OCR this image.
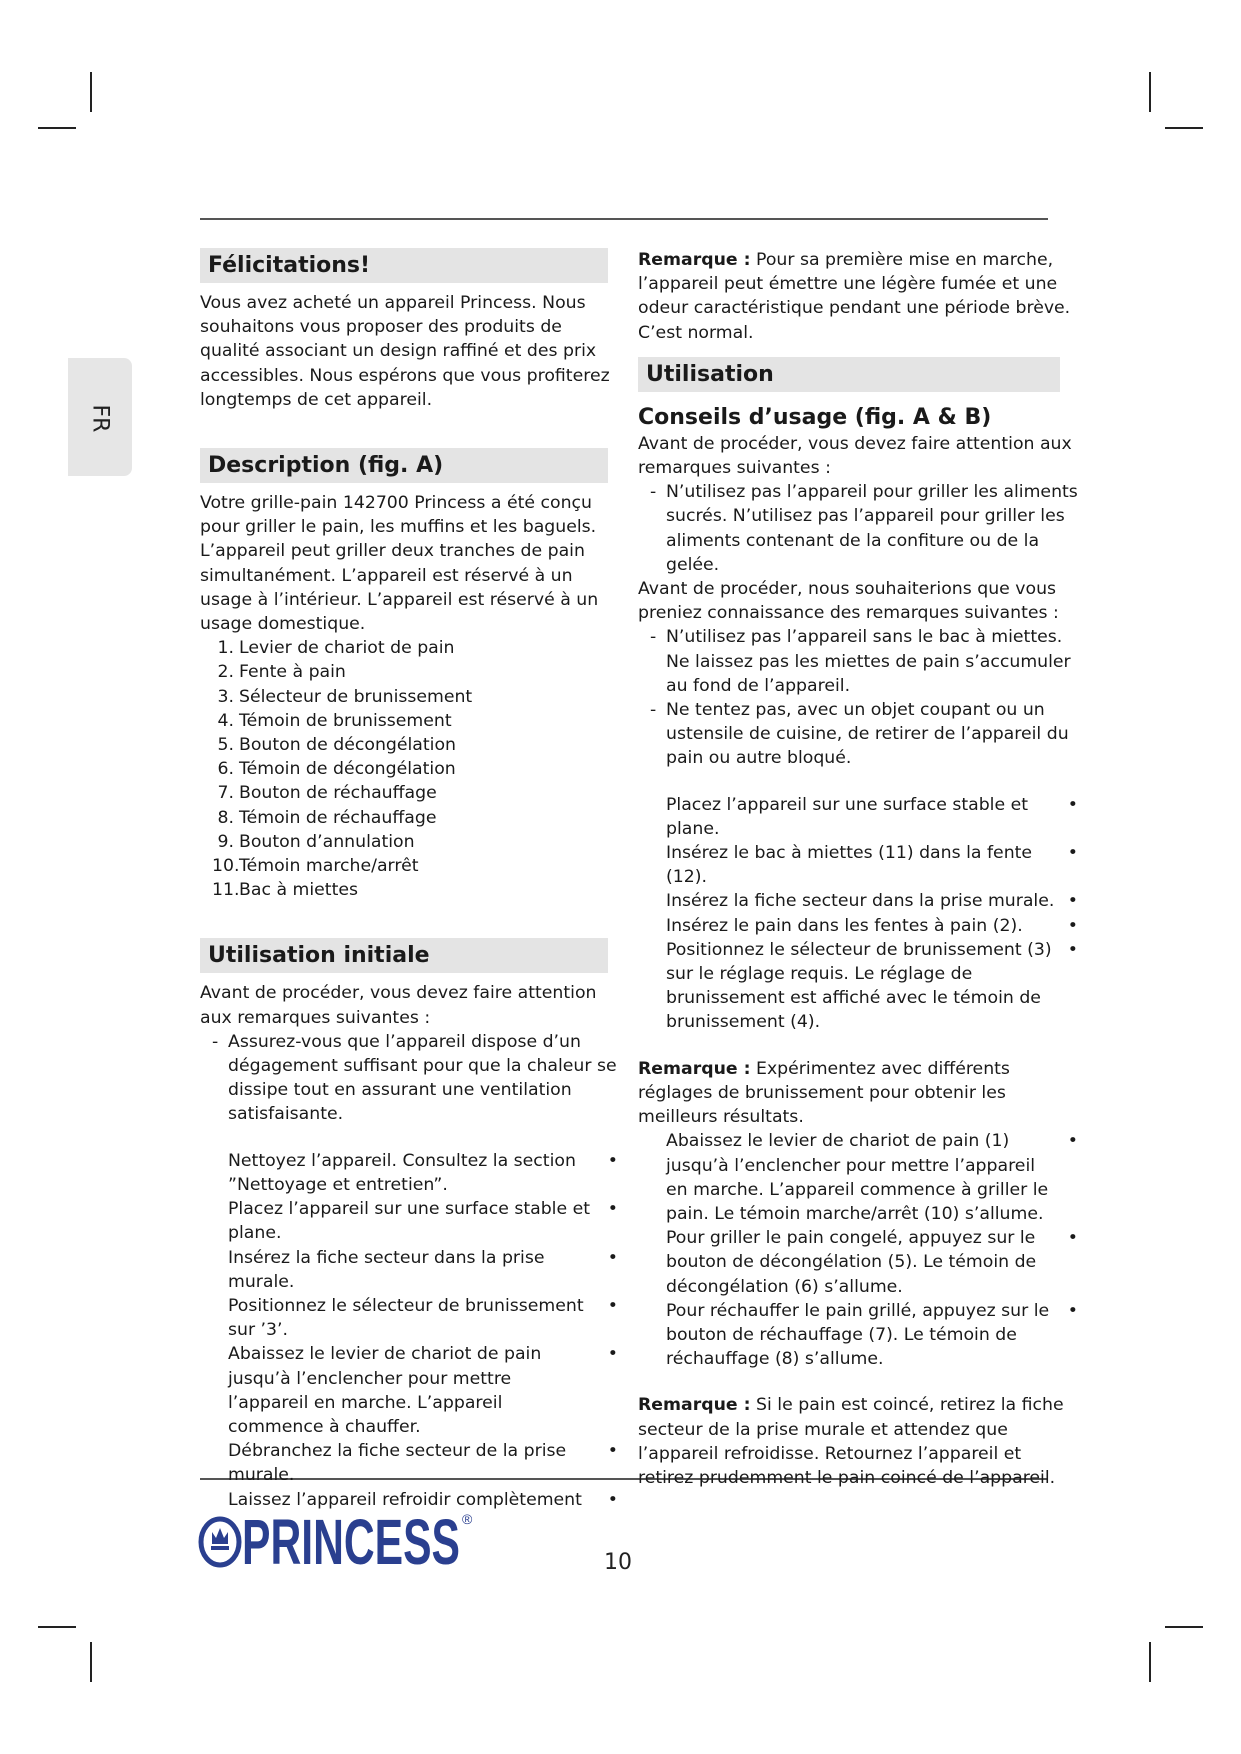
FR
Félicitations!

Vous avez acheté un appareil Princess. Nous souhaitons vous proposer des produits de qualité associant un design raffiné et des prix accessibles. Nous espérons que vous profiterez longtemps de cet appareil.

Description (fig. A)

Votre grille-pain 142700 Princess a été conçu pour griller le pain, les muffins et les baguels. L’appareil peut griller deux tranches de pain simultanément. L’appareil est réservé à un usage à l’intérieur. L’appareil est réservé à un usage domestique.

1. Levier de chariot de pain
2. Fente à pain
3. Sélecteur de brunissement
4. Témoin de brunissement
5. Bouton de décongélation
6. Témoin de décongélation
7. Bouton de réchauffage
8. Témoin de réchauffage
9. Bouton d’annulation
10. Témoin marche/arrêt
11. Bac à miettes
Utilisation initiale

Avant de procéder, vous devez faire attention aux remarques suivantes :

- Assurez-vous que l’appareil dispose d’un dégagement suffisant pour que la chaleur se dissipe tout en assurant une ventilation satisfaisante.

Nettoyez l’appareil. Consultez la section ”Nettoyage et entretien”.
•
Placez l’appareil sur une surface stable et plane.
•
Insérez la fiche secteur dans la prise murale.
•
Positionnez le sélecteur de brunissement sur ’3’.
•
Abaissez le levier de chariot de pain jusqu’à l’enclencher pour mettre l’appareil en marche. L’appareil commence à chauffer.
•
Débranchez la fiche secteur de la prise murale.
•
Laissez l’appareil refroidir complètement •

Remarque : Pour sa première mise en marche, l’appareil peut émettre une légère fumée et une odeur caractéristique pendant une période brève. C’est normal.

Utilisation
Conseils d’usage (fig. A & B)

Avant de procéder, vous devez faire attention aux remarques suivantes :

- N’utilisez pas l’appareil pour griller les aliments sucrés. N’utilisez pas l’appareil pour griller les aliments contenant de la confiture ou de la gelée.

Avant de procéder, nous souhaiterions que vous preniez connaissance des remarques suivantes :

- N’utilisez pas l’appareil sans le bac à miettes. Ne laissez pas les miettes de pain s’accumuler au fond de l’appareil.

- Ne tentez pas, avec un objet coupant ou un ustensile de cuisine, de retirer de l’appareil du pain ou autre bloqué.

Placez l’appareil sur une surface stable et plane.
•
Insérez le bac à miettes (11) dans la fente (12).
•
Insérez la fiche secteur dans la prise murale. •
Insérez le pain dans les fentes à pain (2).	•
Positionnez le sélecteur de brunissement (3) sur le réglage requis. Le réglage de brunissement est affiché avec le témoin de brunissement (4).
•

Remarque : Expérimentez avec différents réglages de brunissement pour obtenir les meilleurs résultats.

Abaissez le levier de chariot de pain (1) jusqu’à l’enclencher pour mettre l’appareil en marche. L’appareil commence à griller le pain. Le témoin marche/arrêt (10) s’allume.
•
Pour griller le pain congelé, appuyez sur le bouton de décongélation (5). Le témoin de décongélation (6) s’allume.
•
Pour réchauffer le pain grillé, appuyez sur le bouton de réchauffage (7). Le témoin de réchauffage (8) s’allume.
•

Remarque : Si le pain est coincé, retirez la fiche secteur de la prise murale et attendez que l’appareil refroidisse. Retournez l’appareil et retirez prudemment le pain coincé de l’appareil.

PRINCESS ®
10
